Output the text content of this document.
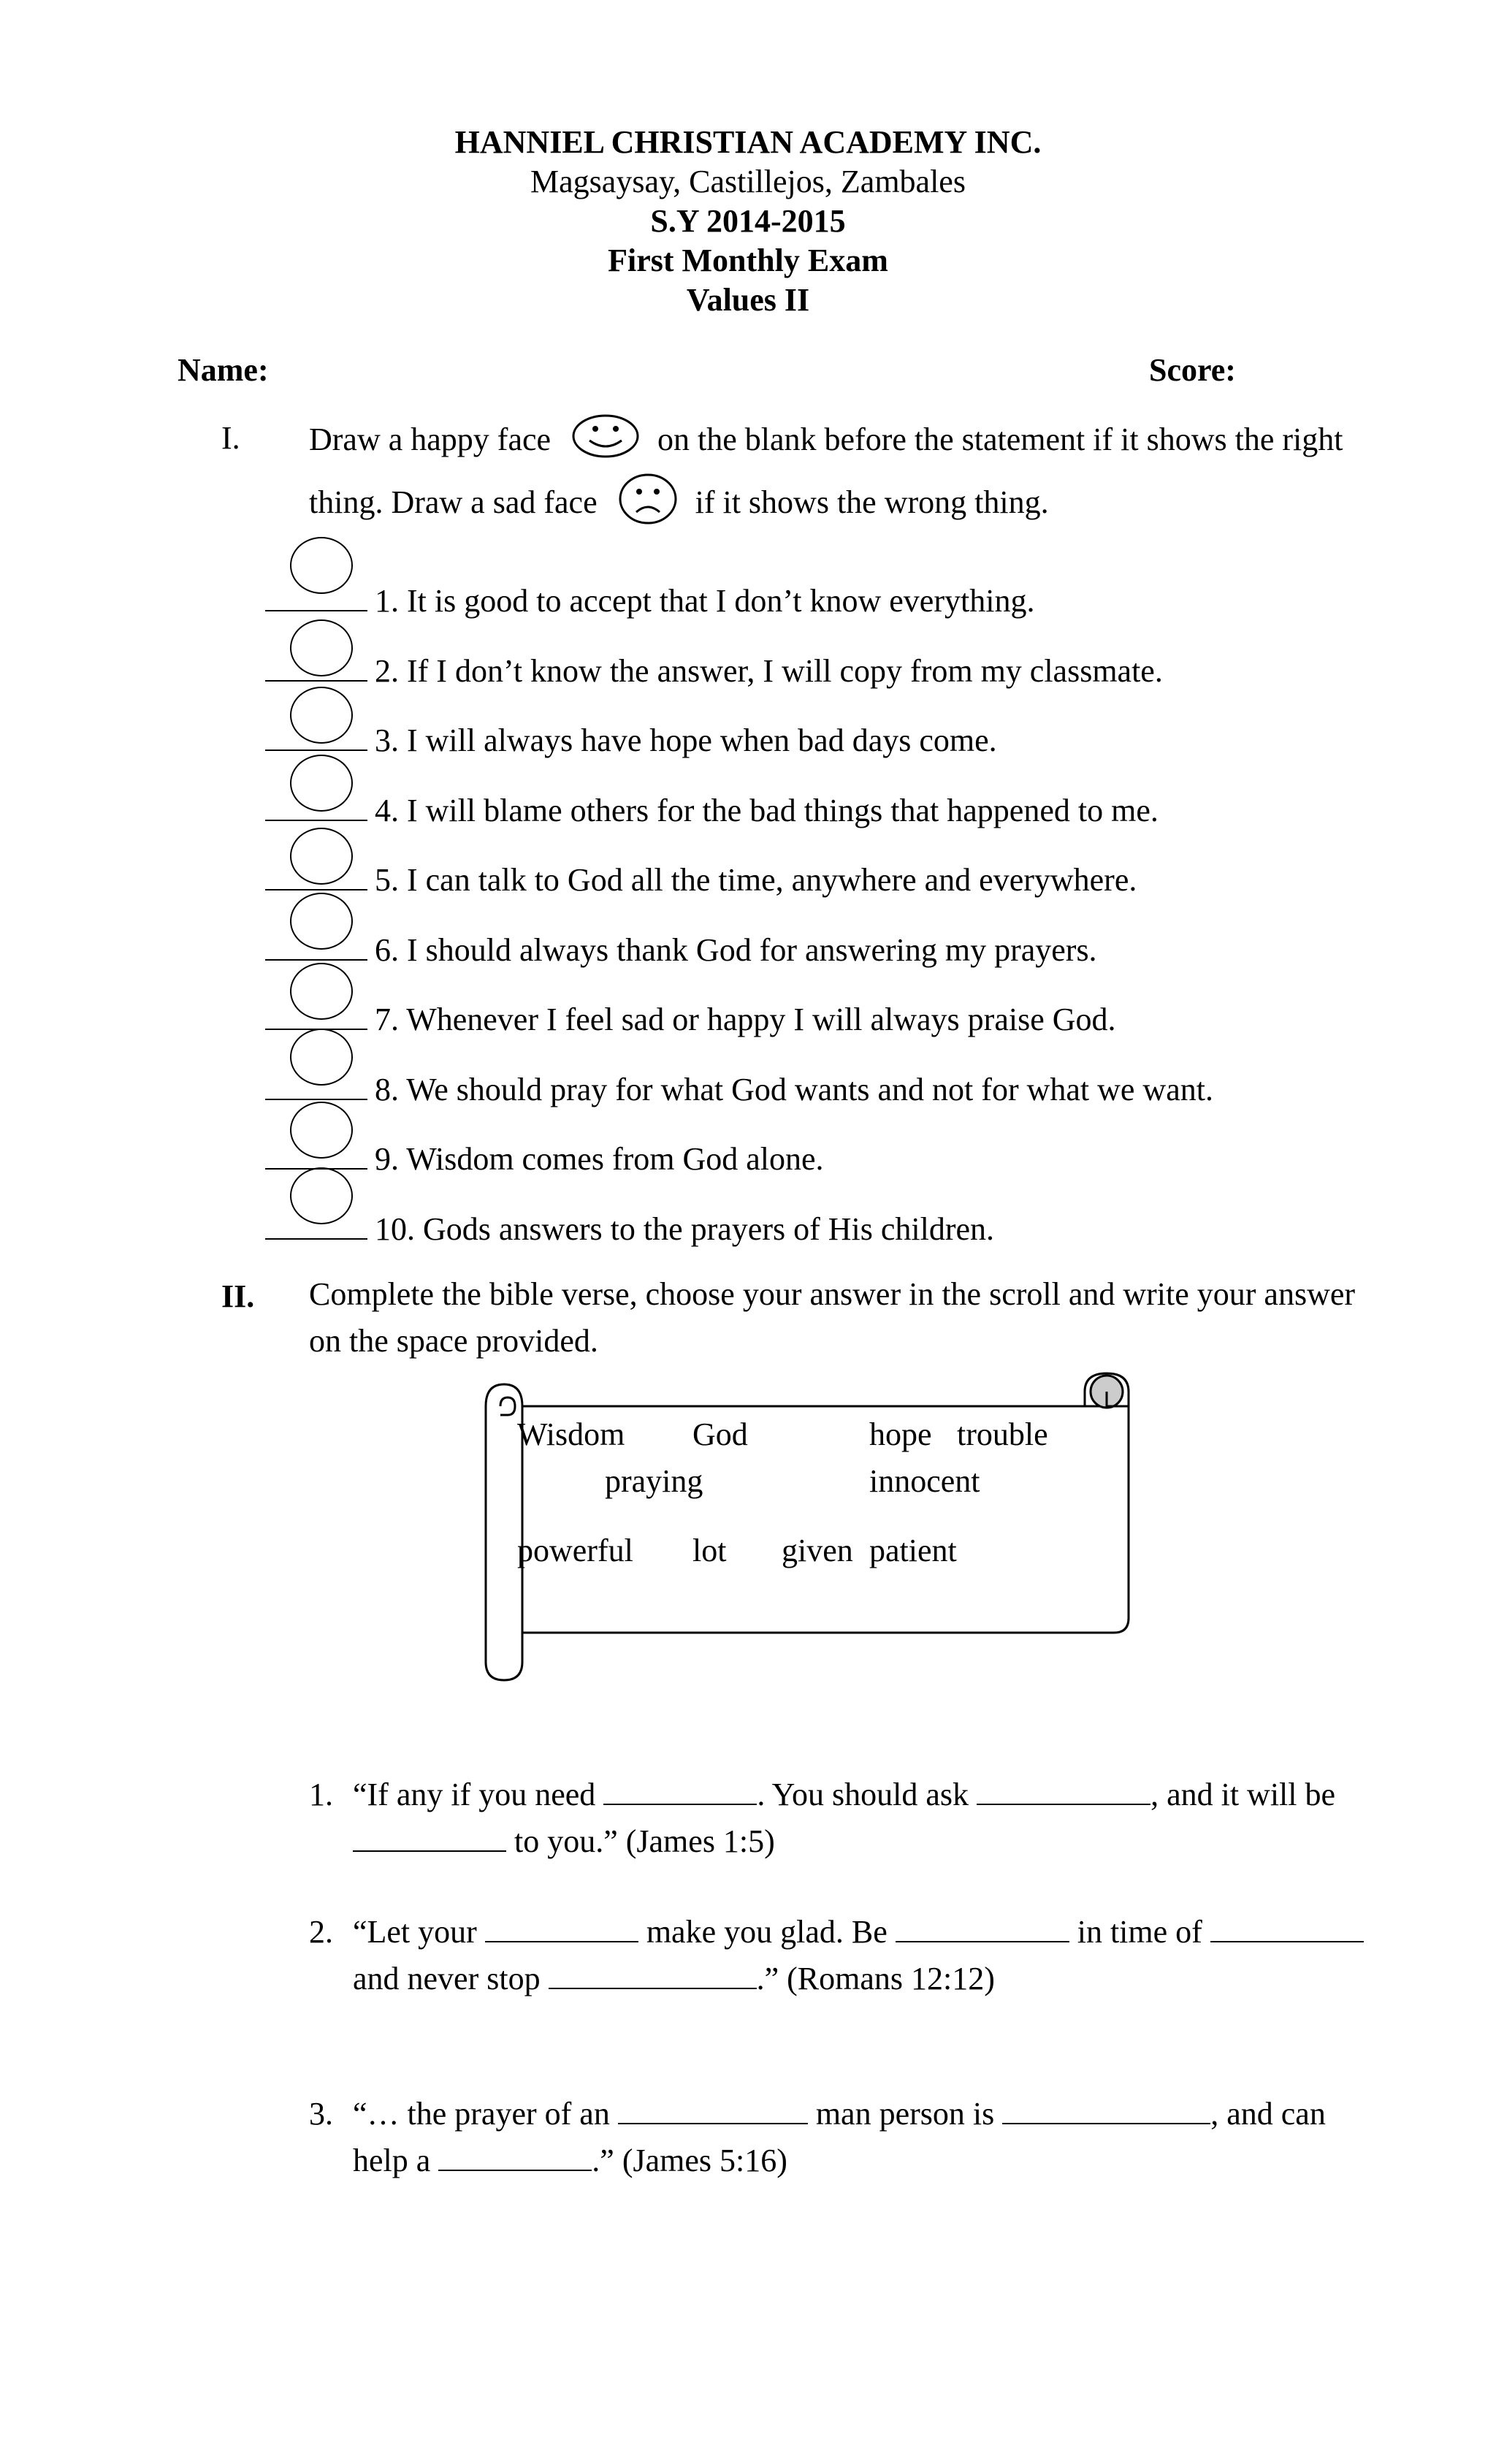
HANNIEL CHRISTIAN ACADEMY INC.
Magsaysay, Castillejos, Zambales
S.Y 2014-2015
First Monthly Exam
Values II
Name:	Score:
I. Draw a happy face	on the blank before the statement if it shows the right thing. Draw a sad face	if it shows the wrong thing.
1. It is good to accept that I don’t know everything.
2. If I don’t know the answer, I will copy from my classmate.
3. I will always have hope when bad days come.
4. I will blame others for the bad things that happened to me.
5. I can talk to God all the time, anywhere and everywhere.
6. I should always thank God for answering my prayers.
7. Whenever I feel sad or happy I will always praise God.
8. We should pray for what God wants and not for what we want.
9. Wisdom comes from God alone.
10. Gods answers to the prayers of His children.
II. Complete the bible verse, choose your answer in the scroll and write your answer on the space provided.
Wisdom God	hope trouble
praying	innocent
powerful lot given patient
1. “If any if you need	. You should ask	, and it will be  to you.” (James 1:5)
2. “Let your	make you glad. Be	in time of  and never stop	.” (Romans 12:12)
3. “… the prayer of an	man person is	, and can help a	.” (James 5:16)
